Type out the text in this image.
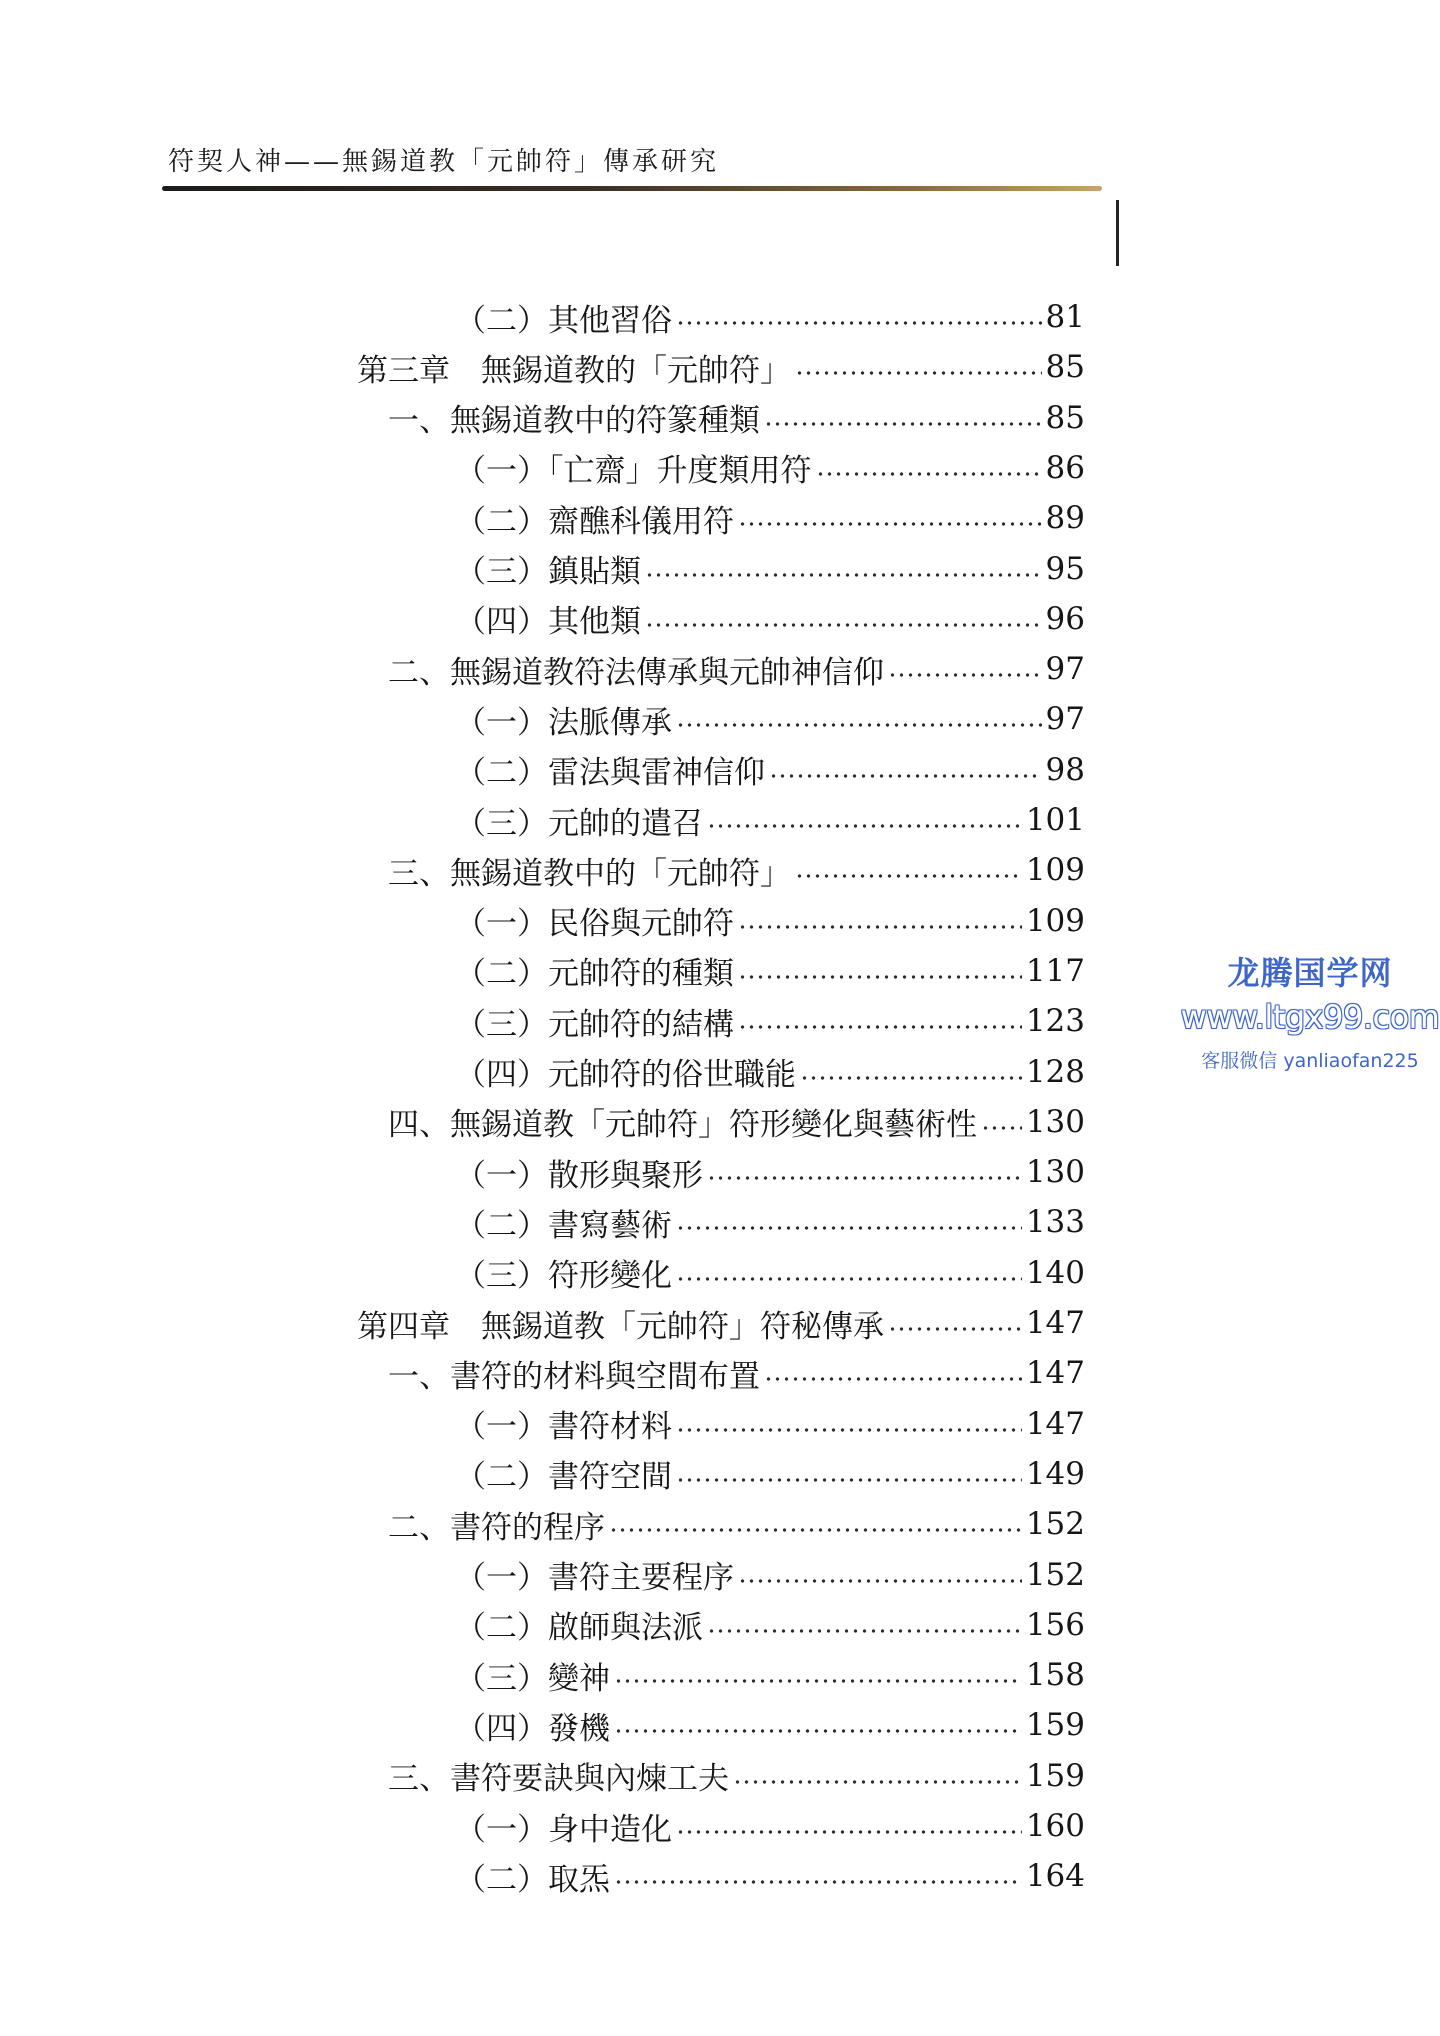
符契人神——無錫道教「元帥符」傳承研究
（二）其他習俗	81
第三章　無錫道教的「元帥符」	85
一、無錫道教中的符篆種類	85
（一）「亡齋」升度類用符	86
（二）齋醮科儀用符	89
（三）鎮貼類	95
（四）其他類	96
二、無錫道教符法傳承與元帥神信仰	97
（一）法脈傳承	97
（二）雷法與雷神信仰	98
（三）元帥的遣召	101
三、無錫道教中的「元帥符」	109
（一）民俗與元帥符	109
（二）元帥符的種類	117
（三）元帥符的結構	123
（四）元帥符的俗世職能	128
四、無錫道教「元帥符」符形變化與藝術性 130
（一）散形與聚形	130
（二）書寫藝術	133
（三）符形變化	140
第四章　無錫道教「元帥符」符秘傳承	147
一、書符的材料與空間布置	147
（一）書符材料	147
（二）書符空間	149
二、書符的程序	152
（一）書符主要程序	152
（二）啟師與法派	156
（三）變神	158
（四）發機	159
三、書符要訣與內煉工夫	159
（一）身中造化	160
（二）取炁	164
龙腾国学网
www.ltgx99.com
客服微信 yanliaofan225
